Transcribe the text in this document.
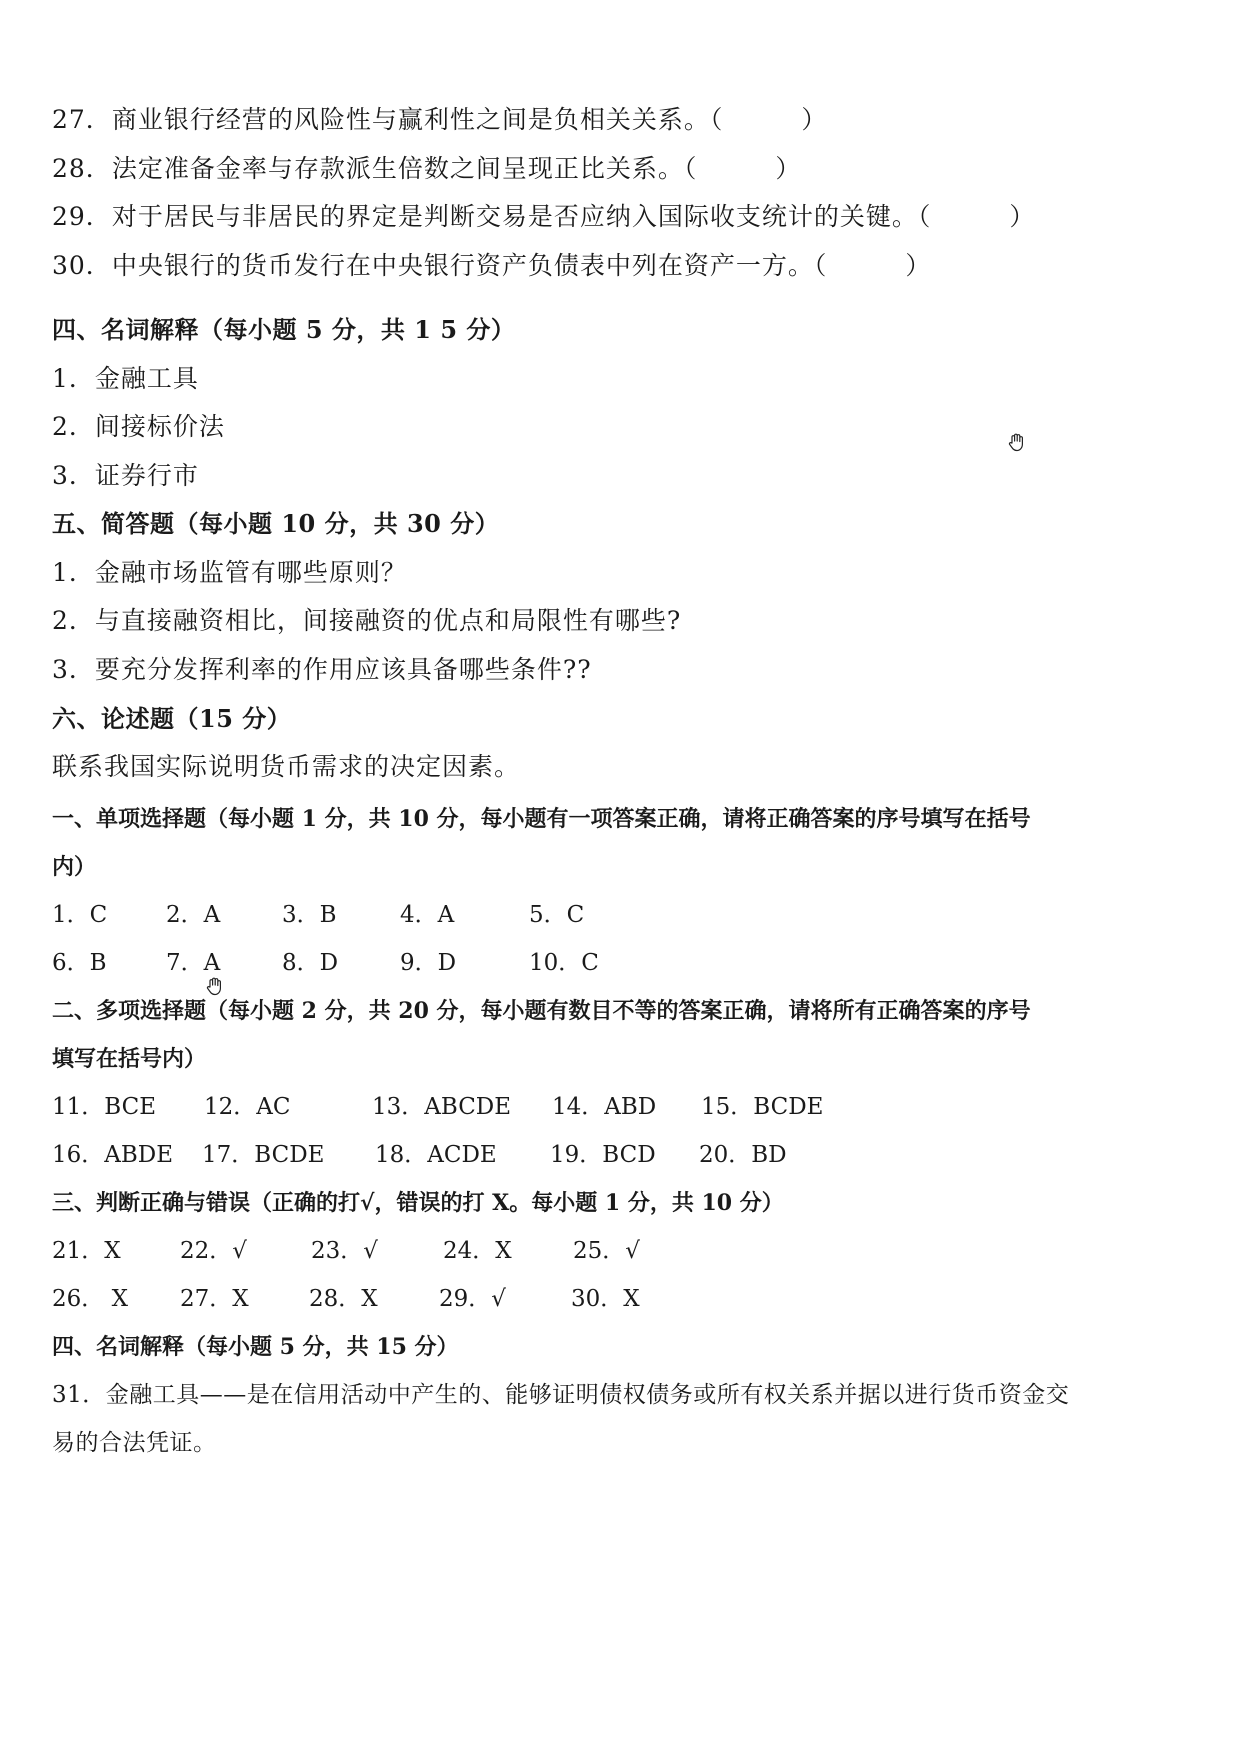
27．商业银行经营的风险性与赢利性之间是负相关关系。（　　　）
28．法定准备金率与存款派生倍数之间呈现正比关系。（　　　）
29．对于居民与非居民的界定是判断交易是否应纳入国际收支统计的关键。（　　　）
30．中央银行的货币发行在中央银行资产负债表中列在资产一方。（　　　）
四、名词解释（每小题 5 分，共 1 5 分）
1．金融工具
2．间接标价法
3．证券行市
五、简答题（每小题 10 分，共 30 分）
1．金融市场监管有哪些原则？
2．与直接融资相比，间接融资的优点和局限性有哪些?
3．要充分发挥利率的作用应该具备哪些条件??
六、论述题（15 分）
联系我国实际说明货币需求的决定因素。
一、单项选择题（每小题 1 分，共 10 分，每小题有一项答案正确，请将正确答案的序号填写在括号
内）
1．C	2．A	3．B	4．A	5．C
6．B	7．A	8．D	9．D	10．C
二、多项选择题（每小题 2 分，共 20 分，每小题有数目不等的答案正确，请将所有正确答案的序号
填写在括号内）
11．BCE 12．AC	13．ABCDE 14．ABD 15．BCDE
16．ABDE 17．BCDE 18．ACDE 19．BCD 20．BD
三、判断正确与错误（正确的打√，错误的打 X。每小题 1 分，共 10 分）
21．X	22．√	23．√	24．X	25．√
26． X 27．X	28．X	29．√	30．X
四、名词解释（每小题 5 分，共 15 分）
31．金融工具——是在信用活动中产生的、能够证明债权债务或所有权关系并据以进行货币资金交
易的合法凭证。
